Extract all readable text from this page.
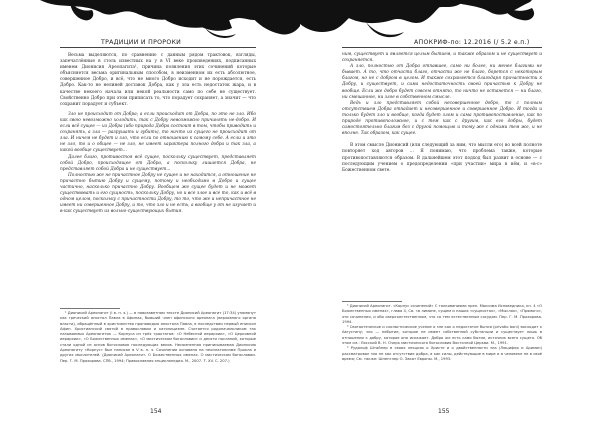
ТРАДИЦИИ И ПРОРОКИ

Весьма выделяются, по сравнению с данным рядом трактовок, взгляды, запечатлённые в столь известных на у в VI веке произведениях, подписанных именем Дионисия Ареопагита¹, причина появления этих сочинений которые объясняется весьма оригинальным способом, в неизменном их есть абсолютное, совершенное Добро, и всё, что не много Добро исходит и не порождается, есть Добро. Как-то не нелиней доставок Добра, как у зла есть недостаток жара, и в качестве некоего начала или некой реальности само по себе не существует. Свойственно Добро при этом приписать то, что порадует сохраняет, а значит — что сохранит порадует и субъект.

Зло не происходит от Добра; а если происходит от Добра, по это не зло. Ибо как свою невозможно холодить, так с Добру невозможно причинять не-добро. И если всё сущее — из Добра (ибо природа Добра состоит в том, чтобы приводить и сохранять, а зла — разрушать и губить), то ничто из сущего не происходит от зла. И ничем не будет и зло, что если по отношению к самому себе. А если и это не зло, то и о общее — не зло, не имеет характера полного добра и так зла, а какой вообще существует...

Далее благо, противостоя всё сущее, поскольку существует, представляет собой Добро, происходящее от Добра, а поскольку лишается Добра, не представляет собой Добра и не существует...

Полностью же не причастное Добру не сущее и не находится, а отношение не причастно бытию Добру и сущему, потому и необходимо в Добро и сущее частично, насколько причастно Добру. Вообщем же сущее будет и не может существовать и его сущность, поскольку Добру, но и все злое и все то, как и всё в одном целом, поскольку с причастности Добру, то то, что же и непричастное не имеет ни совершенное Добру, и то, что зло и не есть, а вообще у от не изучает и в-как существует из вольно-существующих бытия.

¹ Дионисий Ареопагит (I в. н. э.) — в новозаветном тексте Дионисий Ареопагит (17:34) упомянут как греческий апостол Павла в Афинах, бывший член афинского ареопага (верховного органа власти), обращённый в христианство проповедью апостола Павла, в последствии первый епископ Афин. Христианский святой в православии и католицизме. Считается родоначальником так называемых Ареопагитик — Корпуса из трёх трактатов: «О Небесной иерархии», «О Церковной иерархии», «О Божественных именах», «О мистическом богословии» и десяти посланий, которые стали одной из основ богословия последующих веков. Несомненная приписываемая Дионисию Ареопагиту «Корпус» был написан в V в. н. э. Сочинение основано на неоплатонизме Прокла и других мыслителей. (Дионисий Ареопагит. О Божественных именах. О мистическом богословии. Пер. Г. М. Прохорова. СПб., 1994; Православная энциклопедия. М., 2007. Т. XV. С. 207.)

154
АПОКРИФ-по: 12.2016 (/ 5.2 е.п.)

ним, существует и является целым бытием, и также образом и не существует и сохраняется.

А зло, полностью от Добра отпавшее, само ни более, ни менее благими не бывает. А то, что отчасти благо, отчасти же не благо, борется с некоторым благом, но не с добром в целом. И также сохраняется благодаря причастности к Добру, и существует, и сама недостаточность своей причастью к Добру не вообще. Если же добро будет совсем отнято, то ничто не останется — ни благо, ни смешанное, ни злое в собственном смысле.

Ведь и зло представляет собой несовершенное добро, то с полным отсутствием Добра отпадает и несовершенное и совершенное Добро. И тогда и только будет зло и вообще, когда будет злом и сама противопоставление, как по природе противоположное, и с тем как с другим, как его добры, будет самостоятельно благим без с другой помощью и тому же с одними тем же, и не вполне. Так образом, как сущее.

В этом смысле Дионисий (или следующий за ним, что мысли его) во всей полноте повторяет ход авторов ... Я понимаю, что проблема также, которые противопоставляются образом. В дальнейшем этот подход был развит в основе — с последующим учением о предопределении «при участии» мира в нём, и «в-с» Божественном свете.

² Дионисий Ареопагит. «Корпус сочинений» С толкованиями преп. Максима Исповедника, кн. 4 «О Божественных именах», глава 4, Св. «в лимоне, сущем и наших «сущностях», «Мыслях», «Прямого», эти сочинения, и обо сверхъестественном, что со тем естественным сосудом. Пер. Г. М. Прохорова. 1994.

³ Святоотеческое и схоластическое учение о зле как о недостатке бытия (privatio boni) восходит к Августину; зло — небытие, которое не имеет собственной субстанции и существует лишь в отношении к добру, которое оно искажает. Добро же есть само бытие, источник всего сущего. Об этом см.: Лосский В. Н. Очерк мистического богословия Восточной Церкви. М., 1991.

⁴ Рудольф Штайнер в своих лекциях о Христе и о двойственности зла (Люцифер и Ариман) рассматривал зло не как отсутствие добра, а как силы, действующие в мире и в человеке не в своё время; См. также: Шпенглер О. Закат Европы. М., 1993.

155
